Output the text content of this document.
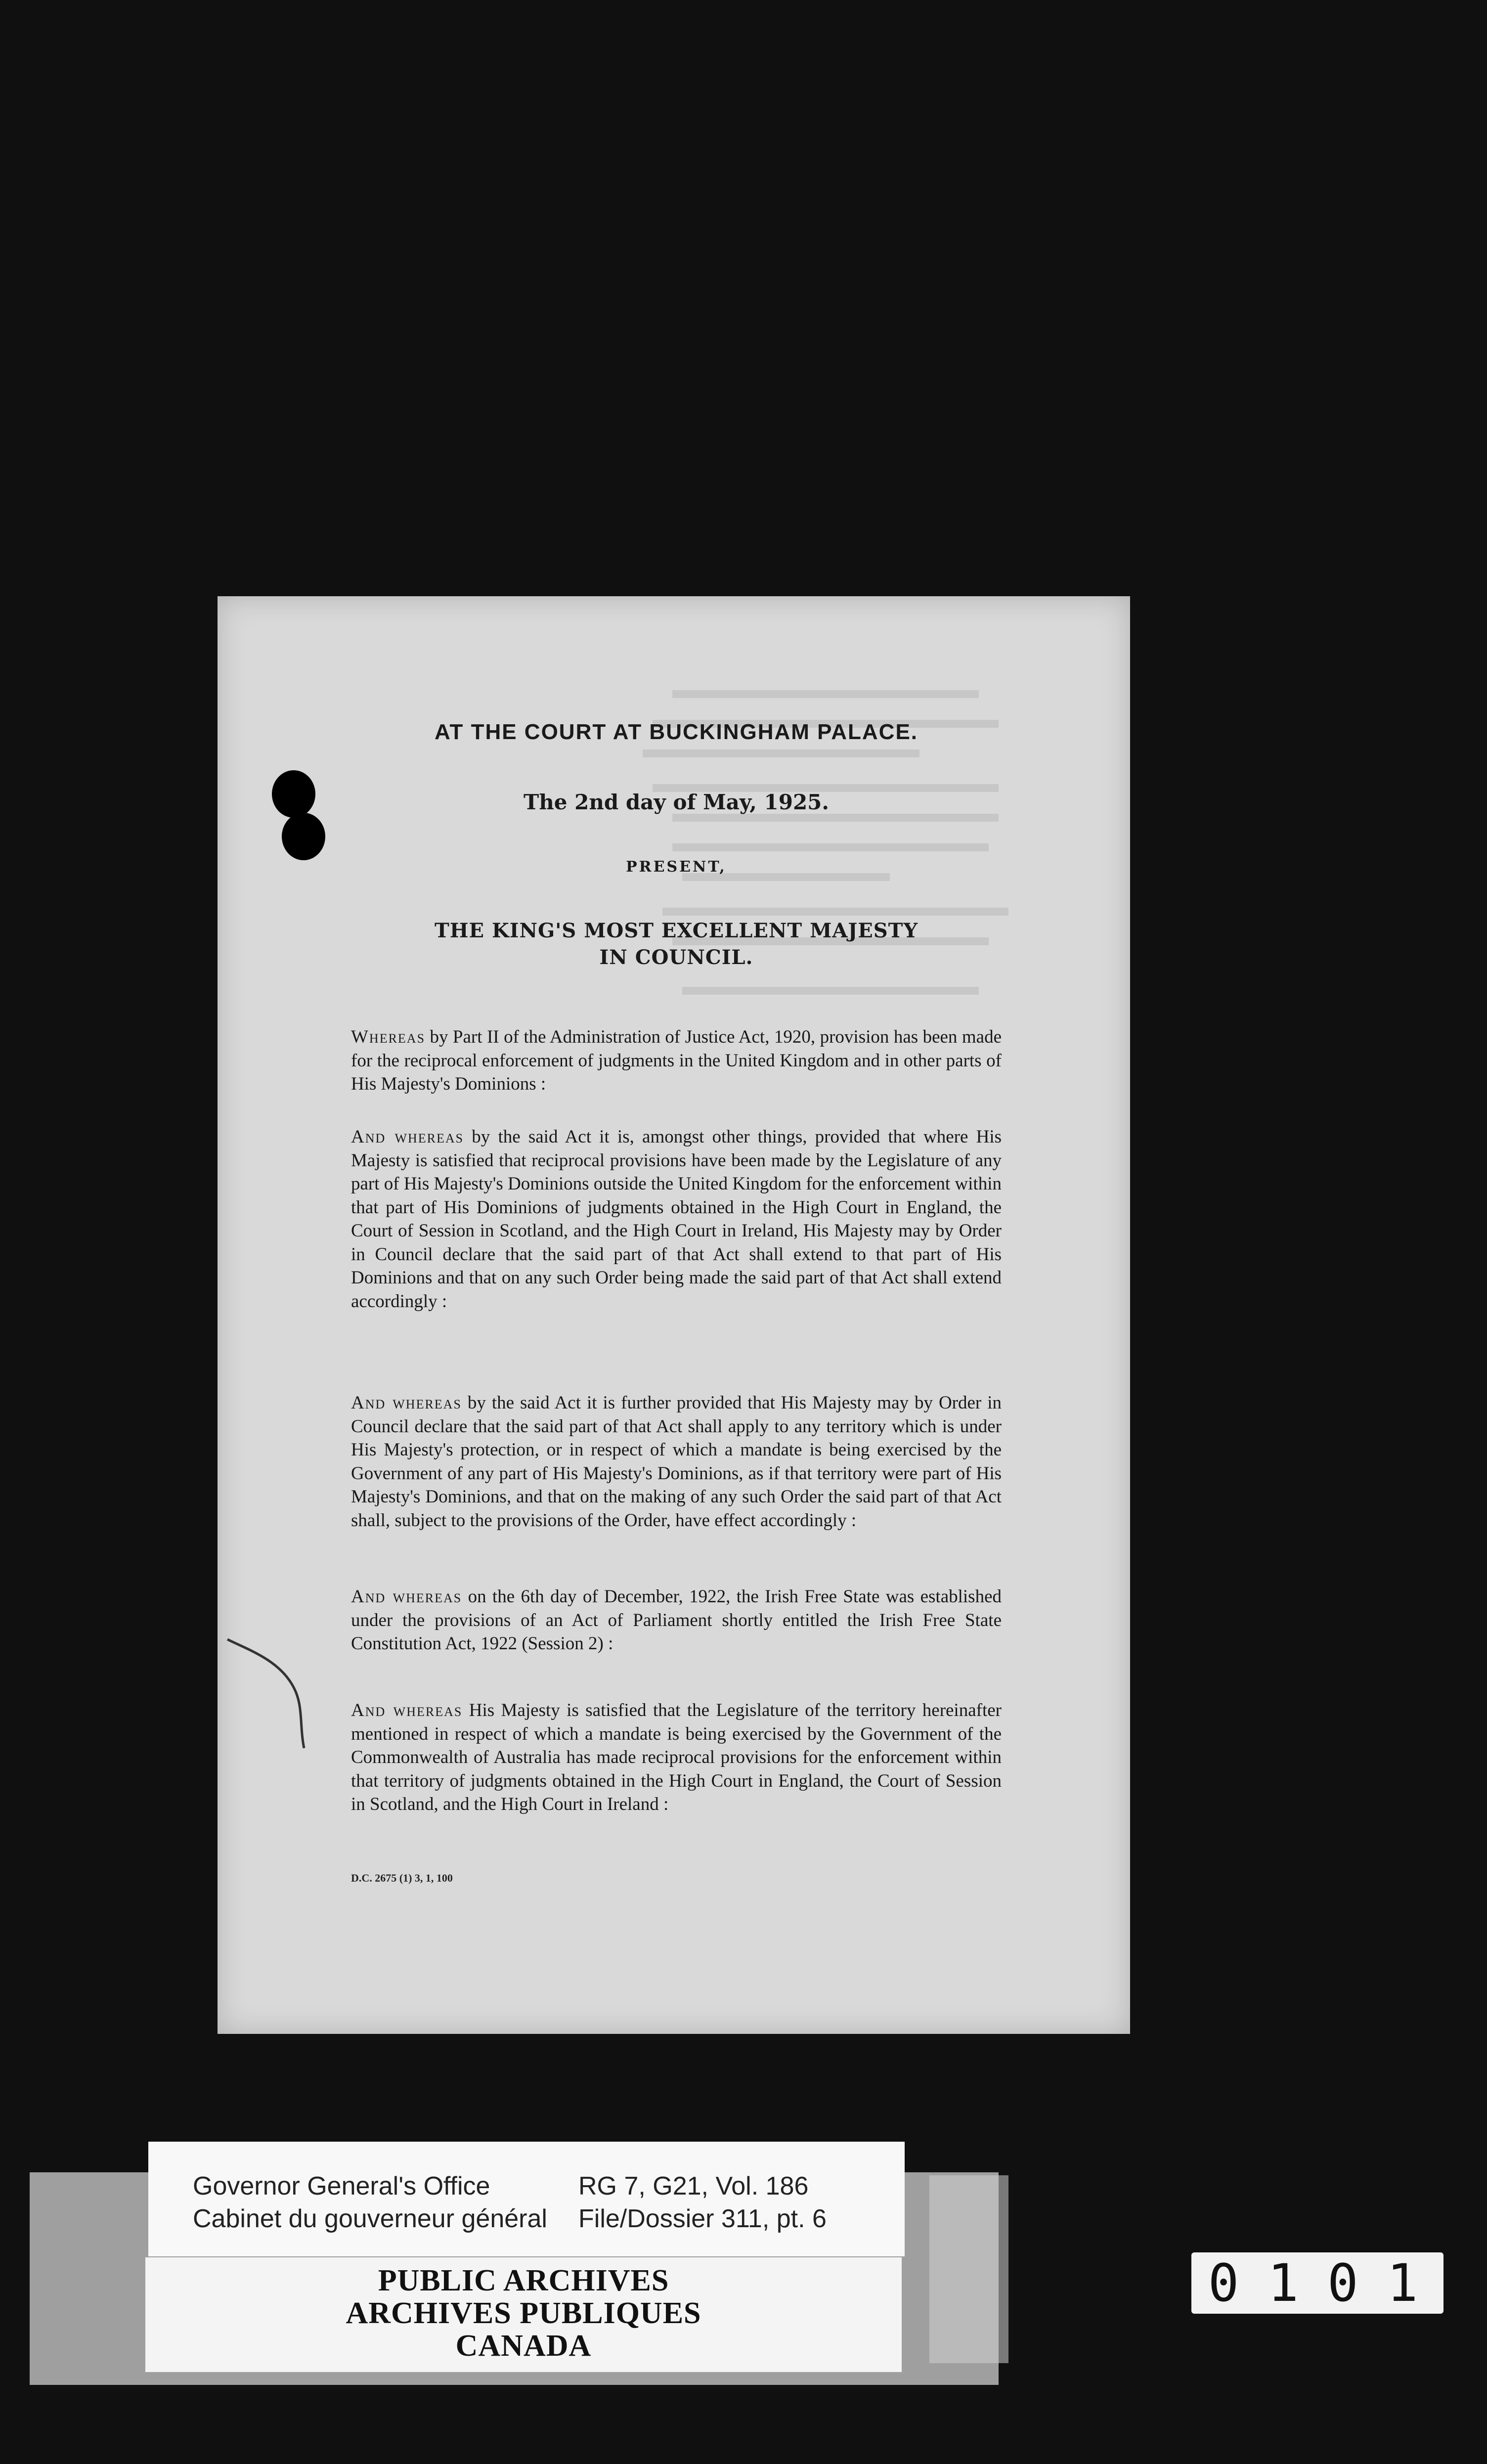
AT THE COURT AT BUCKINGHAM PALACE.
The 2nd day of May, 1925.
PRESENT,
THE KING'S MOST EXCELLENT MAJESTY
IN COUNCIL.
Whereas by Part II of the Administration of Justice Act, 1920, provision has been made for the reciprocal enforcement of judgments in the United Kingdom and in other parts of His Majesty's Dominions :
And whereas by the said Act it is, amongst other things, provided that where His Majesty is satisfied that reciprocal provisions have been made by the Legislature of any part of His Majesty's Dominions outside the United Kingdom for the enforcement within that part of His Dominions of judgments obtained in the High Court in England, the Court of Session in Scotland, and the High Court in Ireland, His Majesty may by Order in Council declare that the said part of that Act shall extend to that part of His Dominions and that on any such Order being made the said part of that Act shall extend accordingly :
And whereas by the said Act it is further provided that His Majesty may by Order in Council declare that the said part of that Act shall apply to any territory which is under His Majesty's protection, or in respect of which a mandate is being exercised by the Government of any part of His Majesty's Dominions, as if that territory were part of His Majesty's Dominions, and that on the making of any such Order the said part of that Act shall, subject to the provisions of the Order, have effect accordingly :
And whereas on the 6th day of December, 1922, the Irish Free State was established under the provisions of an Act of Parliament shortly entitled the Irish Free State Constitution Act, 1922 (Session 2) :
And whereas His Majesty is satisfied that the Legislature of the territory hereinafter mentioned in respect of which a mandate is being exercised by the Government of the Commonwealth of Australia has made reciprocal provisions for the enforcement within that territory of judgments obtained in the High Court in England, the Court of Session in Scotland, and the High Court in Ireland :
D.C. 2675 (1) 3, 1, 100
Governor General's Office
Cabinet du gouverneur général
RG 7, G21, Vol. 186
File/Dossier 311, pt. 6
PUBLIC ARCHIVES
ARCHIVES PUBLIQUES
CANADA
0101
